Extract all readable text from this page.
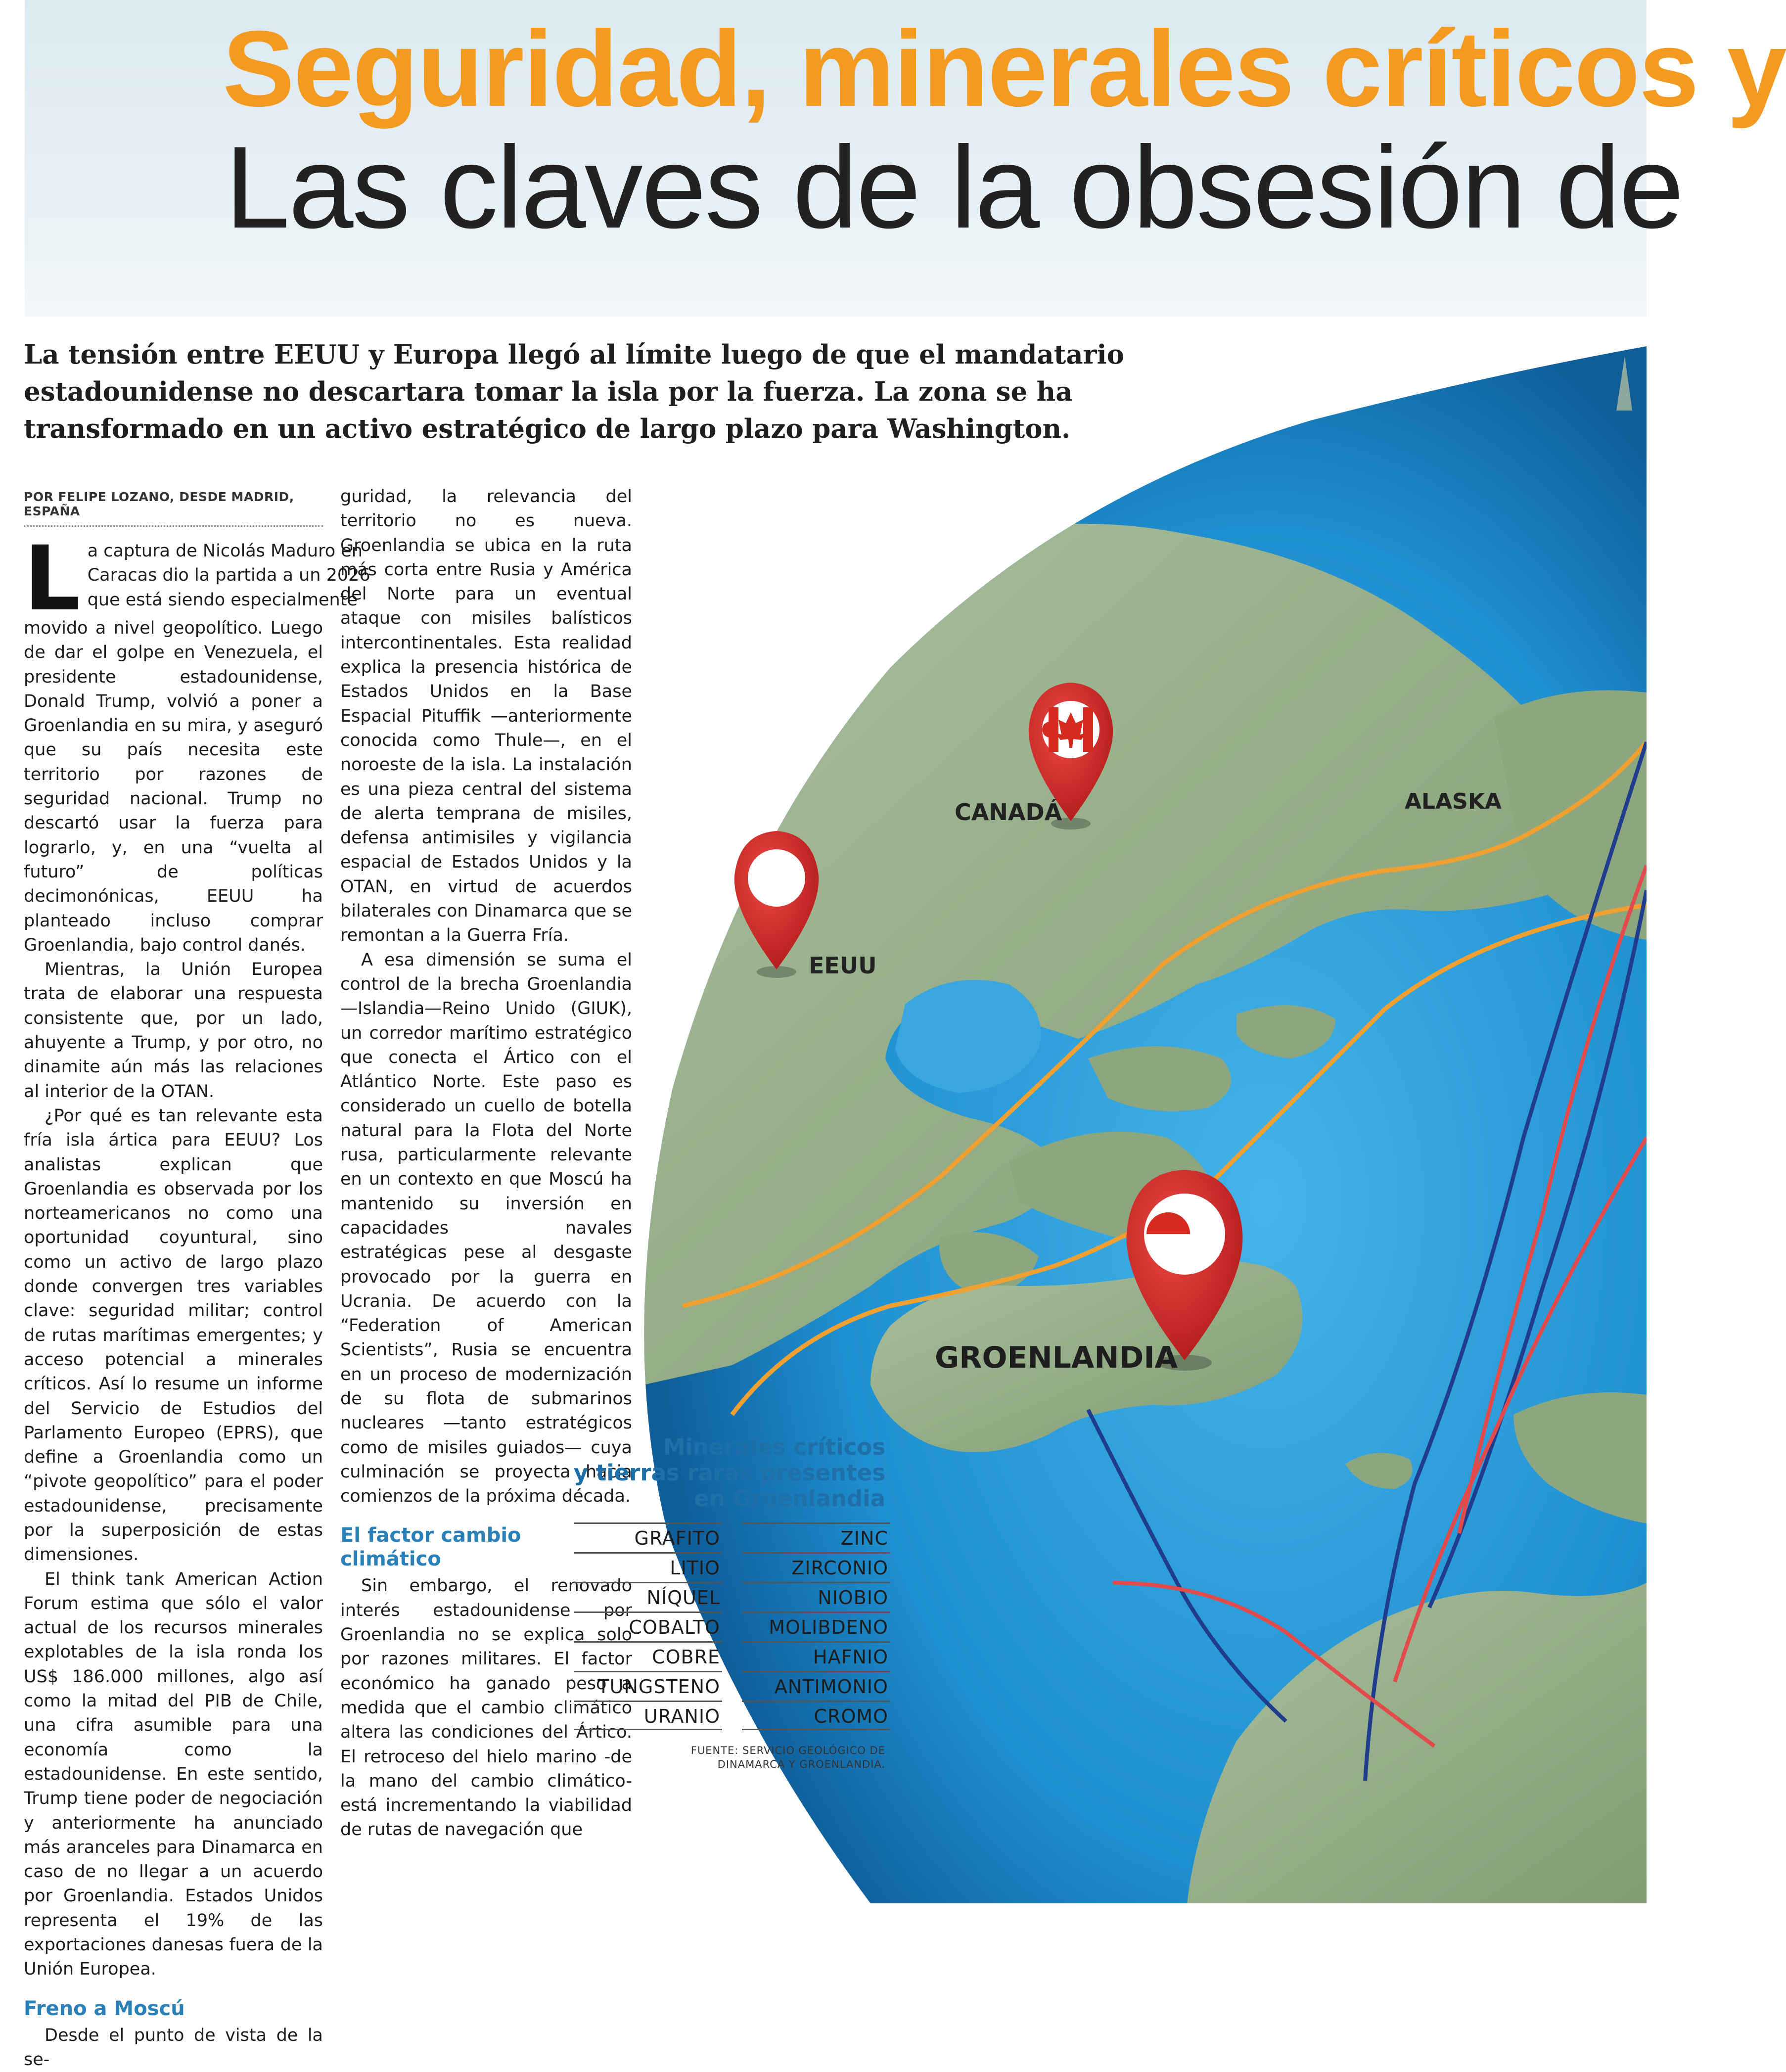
Seguridad, minerales críticos y
Las claves de la obsesión de
La tensión entre EEUU y Europa llegó al límite luego de que el mandatario
estadounidense no descartara tomar la isla por la fuerza. La zona se ha
transformado en un activo estratégico de largo plazo para Washington.
CANADÁ	ALASKA
EEUU
GROENLANDIA
POR FELIPE LOZANO, DESDE MADRID, ESPAÑA
L a captura de Nicolás Maduro en
Caracas dio la partida a un 2026
que está siendo especialmente

movido a nivel geopolítico. Luego de dar el golpe en Venezuela, el presidente estadounidense, Donald Trump, volvió a poner a Groenlandia en su mira, y aseguró que su país necesita este territorio por razones de seguridad nacional. Trump no descartó usar la fuerza para lograrlo, y, en una “vuelta al futuro” de políticas decimonónicas, EEUU ha planteado incluso comprar Groenlandia, bajo control danés.

Mientras, la Unión Europea trata de elaborar una respuesta consistente que, por un lado, ahuyente a Trump, y por otro, no dinamite aún más las relaciones al interior de la OTAN.

¿Por qué es tan relevante esta fría isla ártica para EEUU? Los analistas explican que Groenlandia es observada por los norteamericanos no como una oportunidad coyuntural, sino como un activo de largo plazo donde convergen tres variables clave: seguridad militar; control de rutas marítimas emergentes; y acceso potencial a minerales críticos. Así lo resume un informe del Servicio de Estudios del Parlamento Europeo (EPRS), que define a Groenlandia como un “pivote geopolítico” para el poder estadounidense, precisamente por la superposición de estas dimensiones.

El think tank American Action Forum estima que sólo el valor actual de los recursos minerales explotables de la isla ronda los US$ 186.000 millones, algo así como la mitad del PIB de Chile, una cifra asumible para una economía como la estadounidense. En este sentido, Trump tiene poder de negociación y anteriormente ha anunciado más aranceles para Dinamarca en caso de no llegar a un acuerdo por Groenlandia. Estados Unidos representa el 19% de las exportaciones danesas fuera de la Unión Europea.

Freno a Moscú

Desde el punto de vista de la se-

guridad, la relevancia del territorio no es nueva. Groenlandia se ubica en la ruta más corta entre Rusia y América del Norte para un eventual ataque con misiles balísticos intercontinentales. Esta realidad explica la presencia histórica de Estados Unidos en la Base Espacial Pituffik —anteriormente conocida como Thule—, en el noroeste de la isla. La instalación es una pieza central del sistema de alerta temprana de misiles, defensa antimisiles y vigilancia espacial de Estados Unidos y la OTAN, en virtud de acuerdos bilaterales con Dinamarca que se remontan a la Guerra Fría.

A esa dimensión se suma el control de la brecha Groenlandia—Islandia—Reino Unido (GIUK), un corredor marítimo estratégico que conecta el Ártico con el Atlántico Norte. Este paso es considerado un cuello de botella natural para la Flota del Norte rusa, particularmente relevante en un contexto en que Moscú ha mantenido su inversión en capacidades navales estratégicas pese al desgaste provocado por la guerra en Ucrania. De acuerdo con la “Federation of American Scientists”, Rusia se encuentra en un proceso de modernización de su flota de submarinos nucleares —tanto estratégicos como de misiles guiados— cuya culminación se proyecta hacia comienzos de la próxima década.

El factor cambio climático

Sin embargo, el renovado interés estadounidense por Groenlandia no se explica solo por razones militares. El factor económico ha ganado peso a medida que el cambio climático altera las condiciones del Ártico. El retroceso del hielo marino -de la mano del cambio climático- está incrementando la viabilidad de rutas de navegación que

Minerales críticos
y tierras raras presentes
en Groenlandia
GRAFITO
LITIO
NÍQUEL
COBALTO
COBRE
TUNGSTENO
URANIO
ZINC
ZIRCONIO
NIOBIO
MOLIBDENO
HAFNIO
ANTIMONIO
CROMO
FUENTE: SERVICIO GEOLÓGICO DE
DINAMARCA Y GROENLANDIA.
